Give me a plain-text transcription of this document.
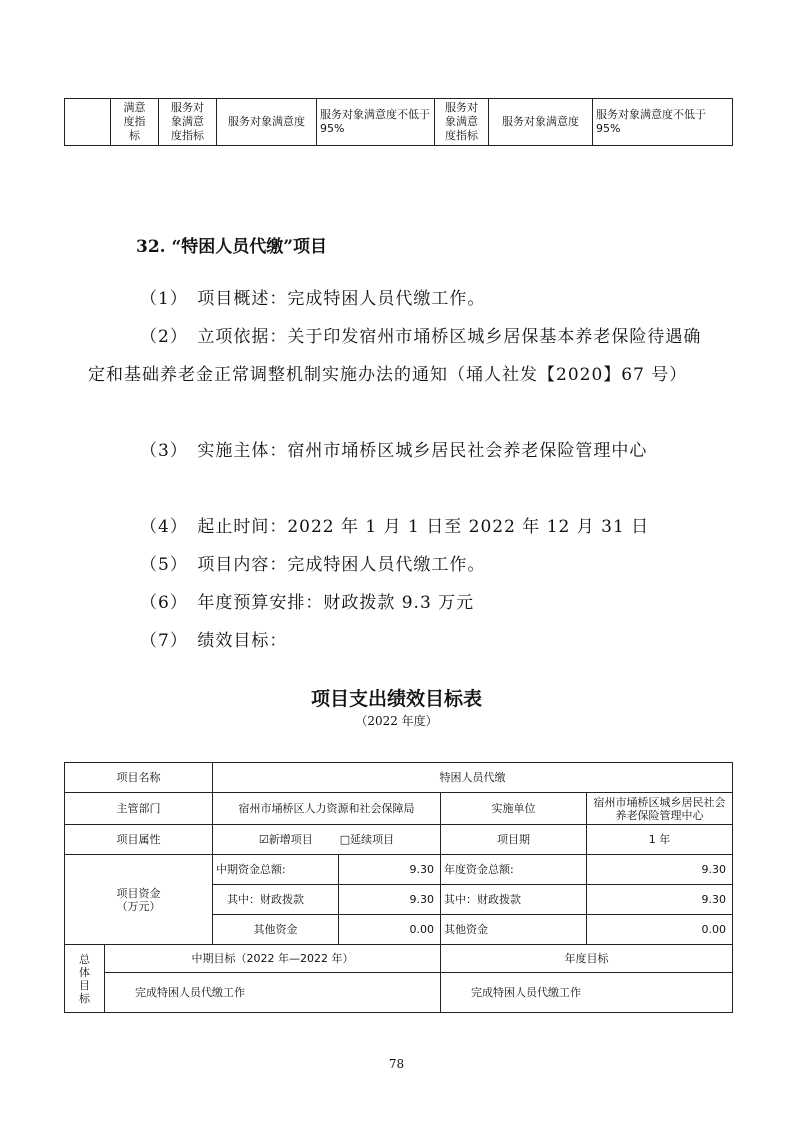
	满意
度指
标	服务对
象满意
度指标	服务对象满意度	服务对象满意度不低于 95%	服务对
象满意
度指标	服务对象满意度	服务对象满意度不低于 95%

32. “特困人员代缴”项目

（1）　项目概述：完成特困人员代缴工作。

（2）　立项依据：关于印发宿州市埇桥区城乡居保基本养老保险待遇确定和基础养老金正常调整机制实施办法的通知（埇人社发【2020】67 号）

（3）　实施主体：宿州市埇桥区城乡居民社会养老保险管理中心

（4）　起止时间：2022 年 1 月 1 日至 2022 年 12 月 31 日

（5）　项目内容：完成特困人员代缴工作。

（6）　年度预算安排：财政拨款 9.3 万元

（7）　绩效目标：

项目支出绩效目标表

（2022 年度）

项目名称		特困人员代缴			
主管部门		宿州市埇桥区人力资源和社会保障局		实施单位	宿州市埇桥区城乡居民社会养老保险管理中心
项目属性		☑新增项目 □延续项目		项目期	1 年
项目资金
（万元）		中期资金总额:	9.30	年度资金总额:	9.30
		其中：财政拨款	9.30	其中：财政拨款	9.30
		其他资金	0.00	其他资金	0.00
总
体
目
标	中期目标（2022 年—2022 年）			年度目标	
	完成特困人员代缴工作			完成特困人员代缴工作	

78
